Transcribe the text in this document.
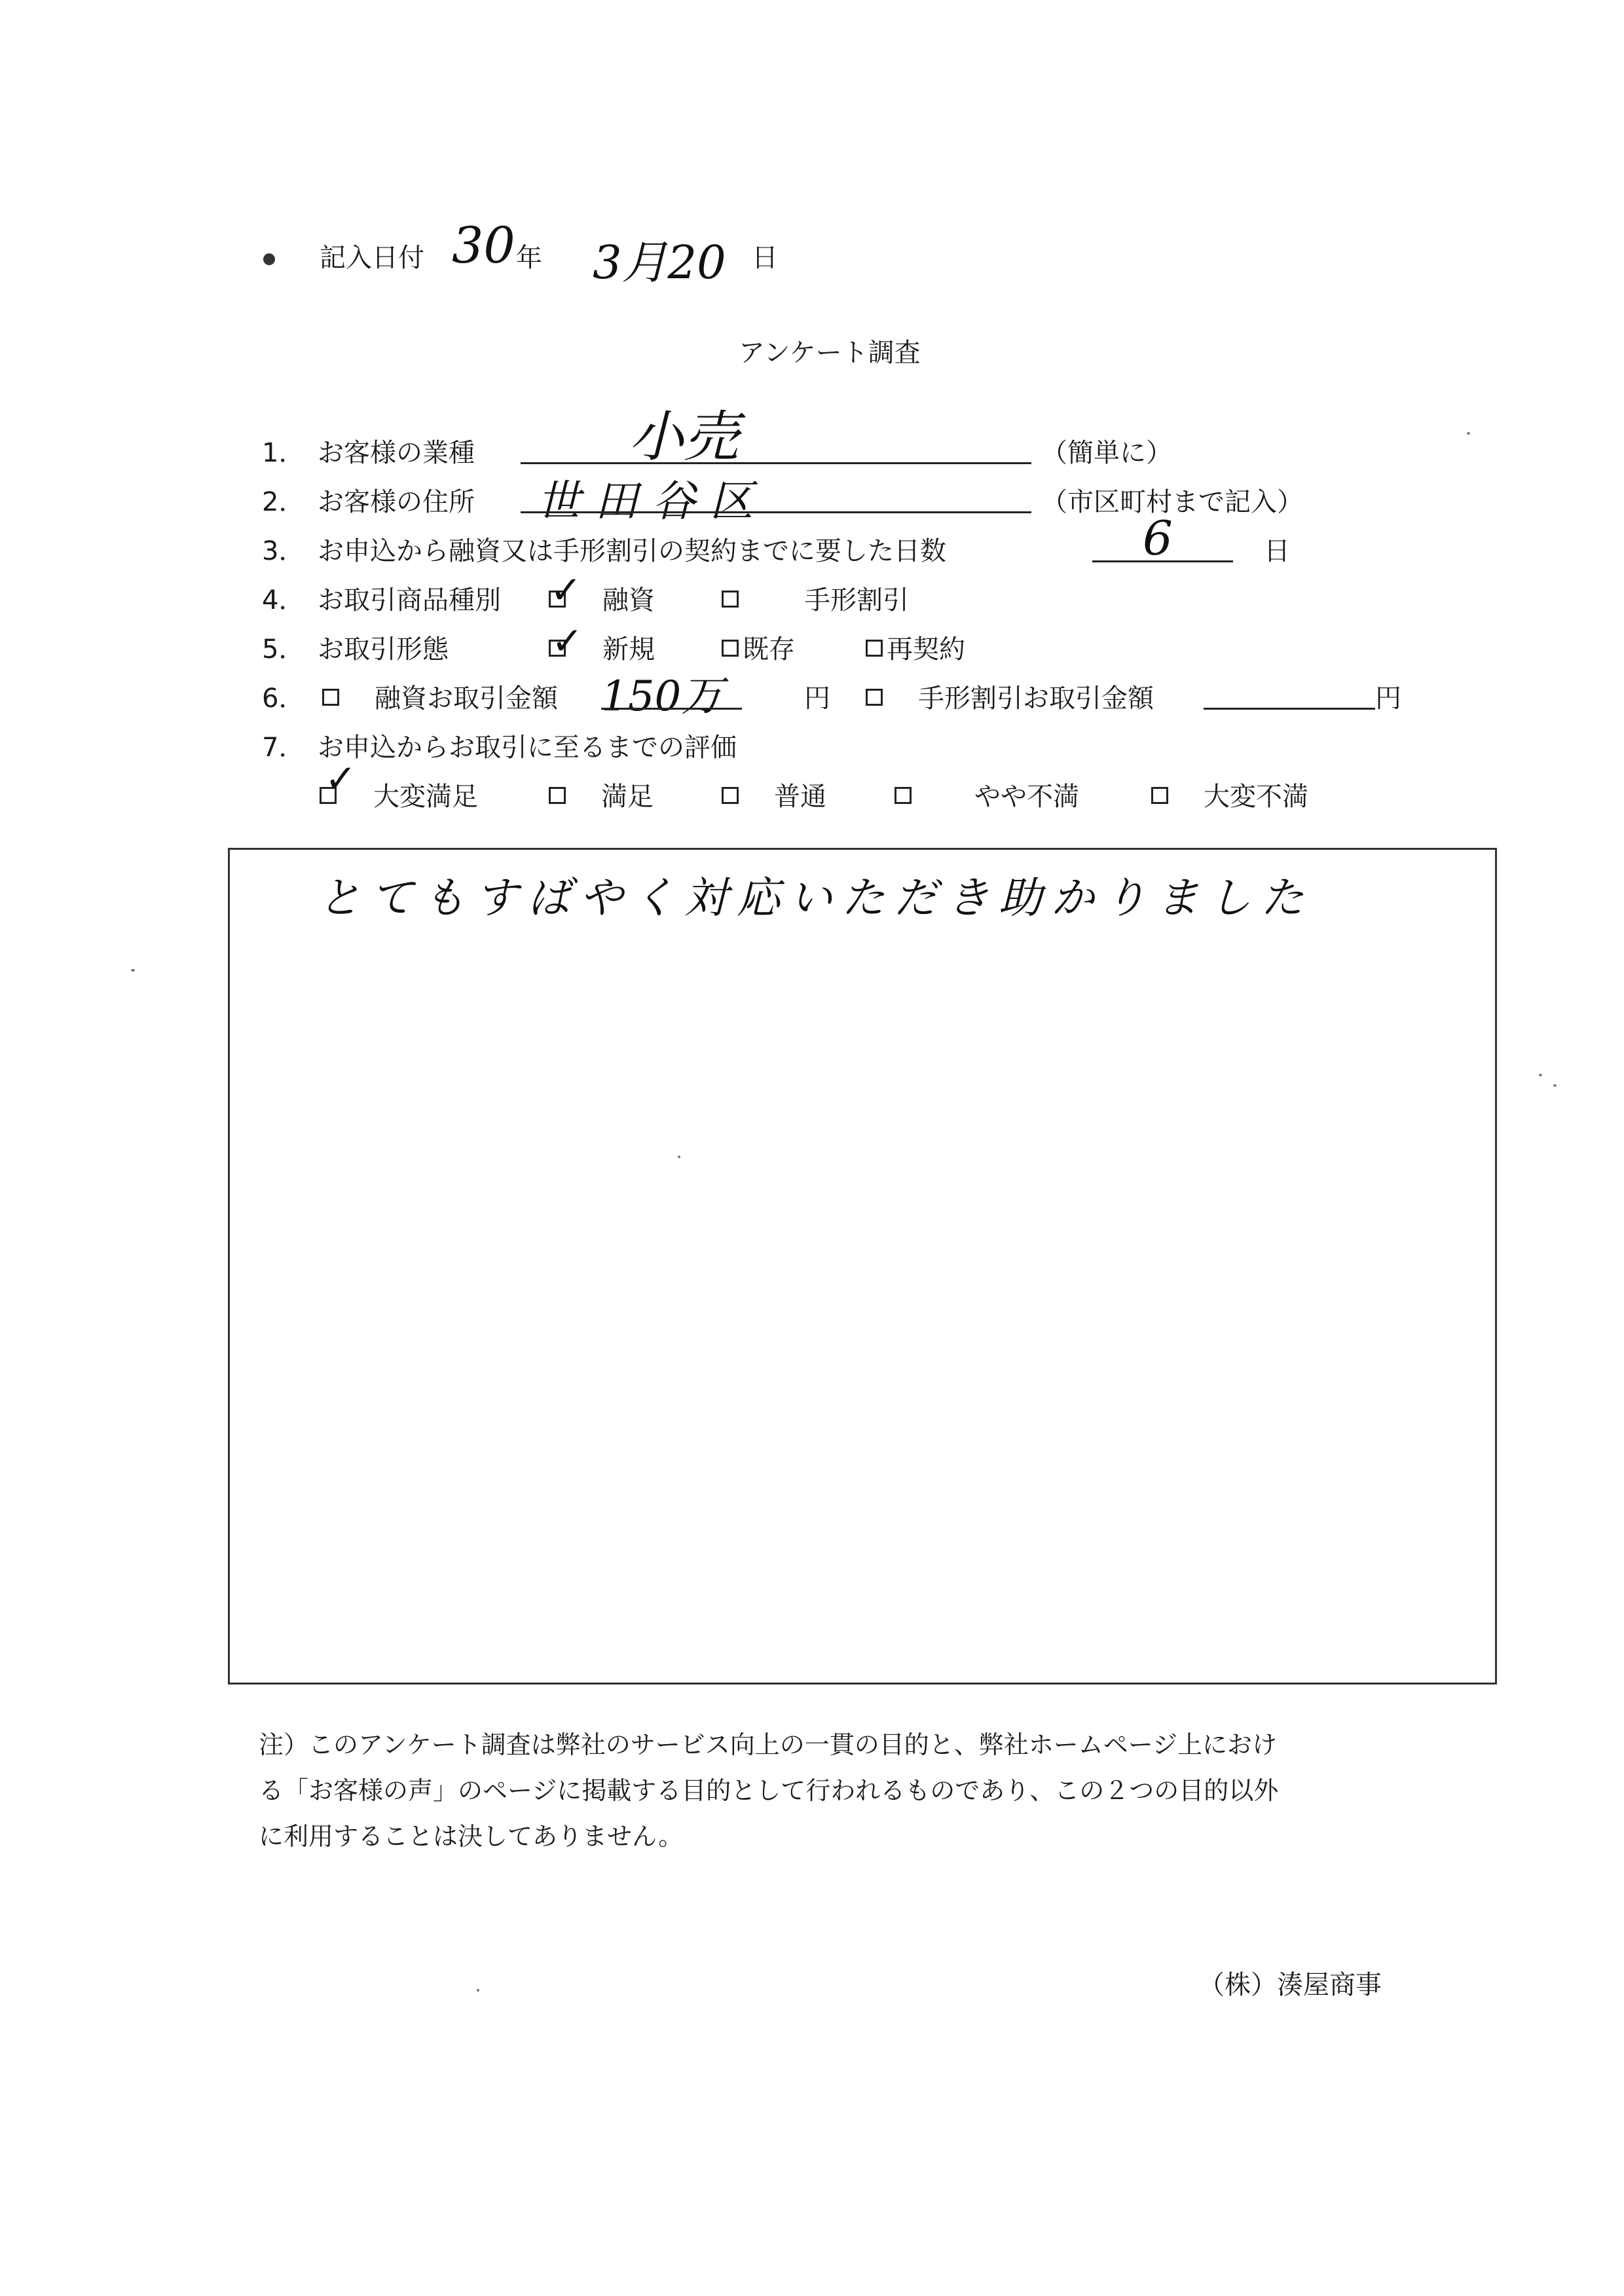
記入日付 30 年 3月20 日
アンケート調査
1． お客様の業種	小売	（簡単に）
2． お客様の住所 世田谷区	（市区町村まで記入）
3． お申込から融資又は手形割引の契約までに要した日数	6	日
4． お取引商品種別 ✓ 融資	手形割引
5． お取引形態	✓ 新規	既存	再契約
6．	融資お取引金額 150万	円	手形割引お取引金額	円
7． お申込からお取引に至るまでの評価
✓ 大変満足	満足	普通	やや不満	大変不満
とてもすばやく対応いただき助かりました
注）このアンケート調査は弊社のサービス向上の一貫の目的と、弊社ホームページ上におけ
る「お客様の声」のページに掲載する目的として行われるものであり、この２つの目的以外
に利用することは決してありません。
（株）湊屋商事
